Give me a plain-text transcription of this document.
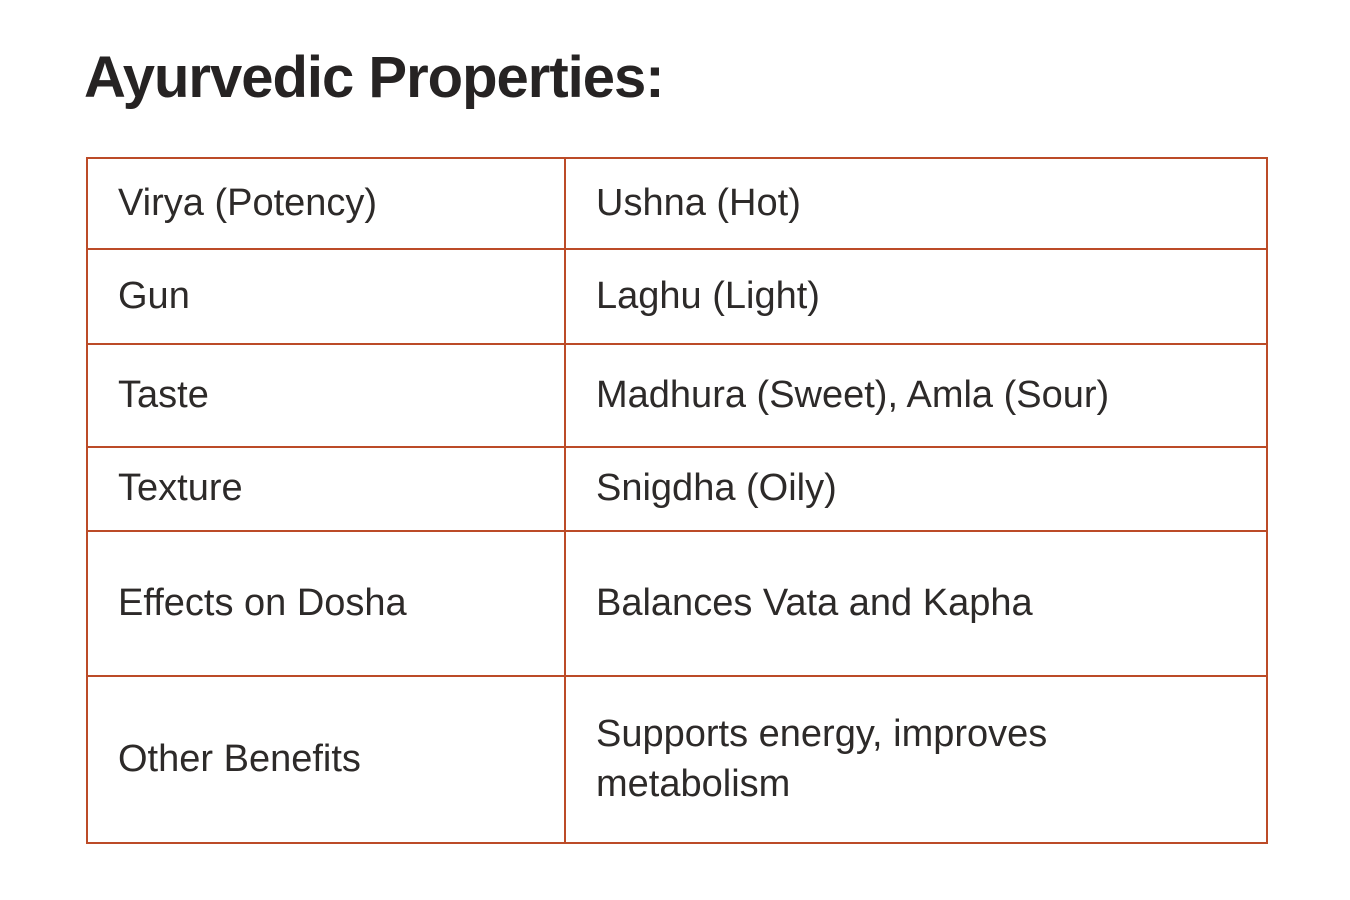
Ayurvedic Properties:
Virya (Potency)	Ushna (Hot)
Gun	Laghu (Light)
Taste	Madhura (Sweet), Amla (Sour)
Texture	Snigdha (Oily)
Effects on Dosha	Balances Vata and Kapha
Other Benefits	Supports energy, improves metabolism
